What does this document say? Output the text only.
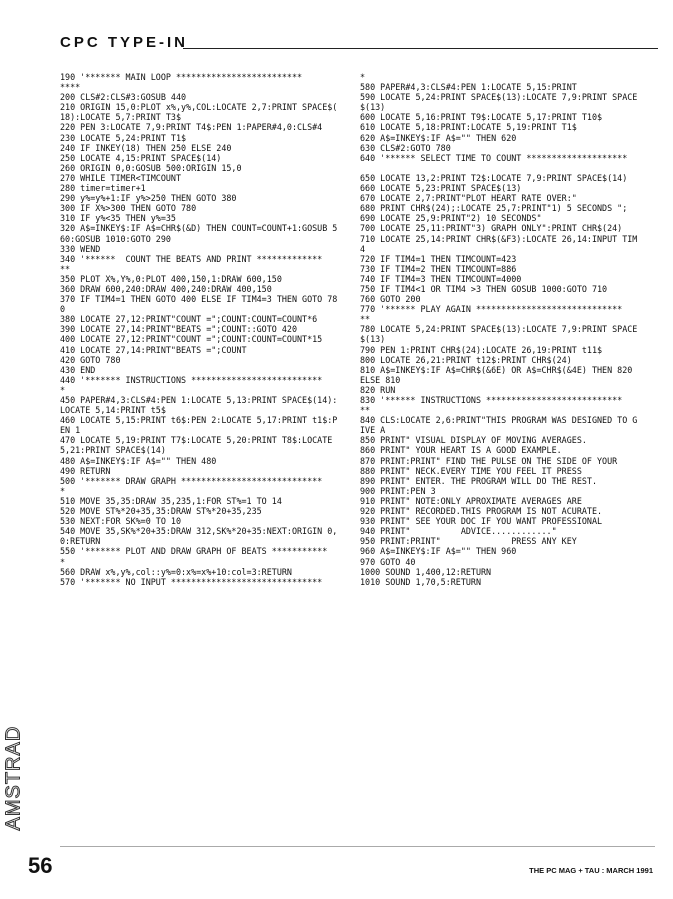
CPC TYPE-IN
190 '******* MAIN LOOP *************************
****
200 CLS#2:CLS#3:GOSUB 440
210 ORIGIN 15,0:PLOT x%,y%,COL:LOCATE 2,7:PRINT SPACE$(
18):LOCATE 5,7:PRINT T3$
220 PEN 3:LOCATE 7,9:PRINT T4$:PEN 1:PAPER#4,0:CLS#4
230 LOCATE 5,24:PRINT T1$
240 IF INKEY(18) THEN 250 ELSE 240
250 LOCATE 4,15:PRINT SPACE$(14)
260 ORIGIN 0,0:GOSUB 500:ORIGIN 15,0
270 WHILE TIMER<TIMCOUNT
280 timer=timer+1
290 y%=y%+1:IF y%>250 THEN GOTO 380
300 IF X%>300 THEN GOTO 780
310 IF y%<35 THEN y%=35
320 A$=INKEY$:IF A$=CHR$(&D) THEN COUNT=COUNT+1:GOSUB 5
60:GOSUB 1010:GOTO 290
330 WEND
340 '******  COUNT THE BEATS AND PRINT *************
**
350 PLOT X%,Y%,0:PLOT 400,150,1:DRAW 600,150
360 DRAW 600,240:DRAW 400,240:DRAW 400,150
370 IF TIM4=1 THEN GOTO 400 ELSE IF TIM4=3 THEN GOTO 78
0
380 LOCATE 27,12:PRINT"COUNT =";COUNT:COUNT=COUNT*6
390 LOCATE 27,14:PRINT"BEATS =";COUNT::GOTO 420
400 LOCATE 27,12:PRINT"COUNT =";COUNT:COUNT=COUNT*15
410 LOCATE 27,14:PRINT"BEATS =";COUNT
420 GOTO 780
430 END
440 '******* INSTRUCTIONS **************************
*
450 PAPER#4,3:CLS#4:PEN 1:LOCATE 5,13:PRINT SPACE$(14):
LOCATE 5,14:PRINT t5$
460 LOCATE 5,15:PRINT t6$:PEN 2:LOCATE 5,17:PRINT t1$:P
EN 1
470 LOCATE 5,19:PRINT T7$:LOCATE 5,20:PRINT T8$:LOCATE
5,21:PRINT SPACE$(14)
480 A$=INKEY$:IF A$="" THEN 480
490 RETURN
500 '******* DRAW GRAPH ****************************
*
510 MOVE 35,35:DRAW 35,235,1:FOR ST%=1 TO 14
520 MOVE ST%*20+35,35:DRAW ST%*20+35,235
530 NEXT:FOR SK%=0 TO 10
540 MOVE 35,SK%*20+35:DRAW 312,SK%*20+35:NEXT:ORIGIN 0,
0:RETURN
550 '******* PLOT AND DRAW GRAPH OF BEATS ***********
*
560 DRAW x%,y%,col::y%=0:x%=x%+10:col=3:RETURN
570 '******* NO INPUT ******************************
*
580 PAPER#4,3:CLS#4:PEN 1:LOCATE 5,15:PRINT
590 LOCATE 5,24:PRINT SPACE$(13):LOCATE 7,9:PRINT SPACE
$(13)
600 LOCATE 5,16:PRINT T9$:LOCATE 5,17:PRINT T10$
610 LOCATE 5,18:PRINT:LOCATE 5,19:PRINT T1$
620 A$=INKEY$:IF A$="" THEN 620
630 CLS#2:GOTO 780
640 '****** SELECT TIME TO COUNT ********************
650 LOCATE 13,2:PRINT T2$:LOCATE 7,9:PRINT SPACE$(14)
660 LOCATE 5,23:PRINT SPACE$(13)
670 LOCATE 2,7:PRINT"PLOT HEART RATE OVER:"
680 PRINT CHR$(24);:LOCATE 25,7:PRINT"1) 5 SECONDS ";
690 LOCATE 25,9:PRINT"2) 10 SECONDS"
700 LOCATE 25,11:PRINT"3) GRAPH ONLY":PRINT CHR$(24)
710 LOCATE 25,14:PRINT CHR$(&F3):LOCATE 26,14:INPUT TIM
4
720 IF TIM4=1 THEN TIMCOUNT=423
730 IF TIM4=2 THEN TIMCOUNT=886
740 IF TIM4=3 THEN TIMCOUNT=4000
750 IF TIM4<1 OR TIM4 >3 THEN GOSUB 1000:GOTO 710
760 GOTO 200
770 '****** PLAY AGAIN *****************************
**
780 LOCATE 5,24:PRINT SPACE$(13):LOCATE 7,9:PRINT SPACE
$(13)
790 PEN 1:PRINT CHR$(24):LOCATE 26,19:PRINT t11$
800 LOCATE 26,21:PRINT t12$:PRINT CHR$(24)
810 A$=INKEY$:IF A$=CHR$(&6E) OR A$=CHR$(&4E) THEN 820
ELSE 810
820 RUN
830 '****** INSTRUCTIONS ***************************
**
840 CLS:LOCATE 2,6:PRINT"THIS PROGRAM WAS DESIGNED TO G
IVE A
850 PRINT" VISUAL DISPLAY OF MOVING AVERAGES.
860 PRINT" YOUR HEART IS A GOOD EXAMPLE.
870 PRINT:PRINT" FIND THE PULSE ON THE SIDE OF YOUR
880 PRINT" NECK.EVERY TIME YOU FEEL IT PRESS
890 PRINT" ENTER. THE PROGRAM WILL DO THE REST.
900 PRINT:PEN 3
910 PRINT" NOTE:ONLY APROXIMATE AVERAGES ARE
920 PRINT" RECORDED.THIS PROGRAM IS NOT ACURATE.
930 PRINT" SEE YOUR DOC IF YOU WANT PROFESSIONAL
940 PRINT"          ADVICE............"
950 PRINT:PRINT"              PRESS ANY KEY
960 A$=INKEY$:IF A$="" THEN 960
970 GOTO 40
1000 SOUND 1,400,12:RETURN
1010 SOUND 1,70,5:RETURN
AMSTRAD
56	THE PC MAG + TAU : MARCH 1991
